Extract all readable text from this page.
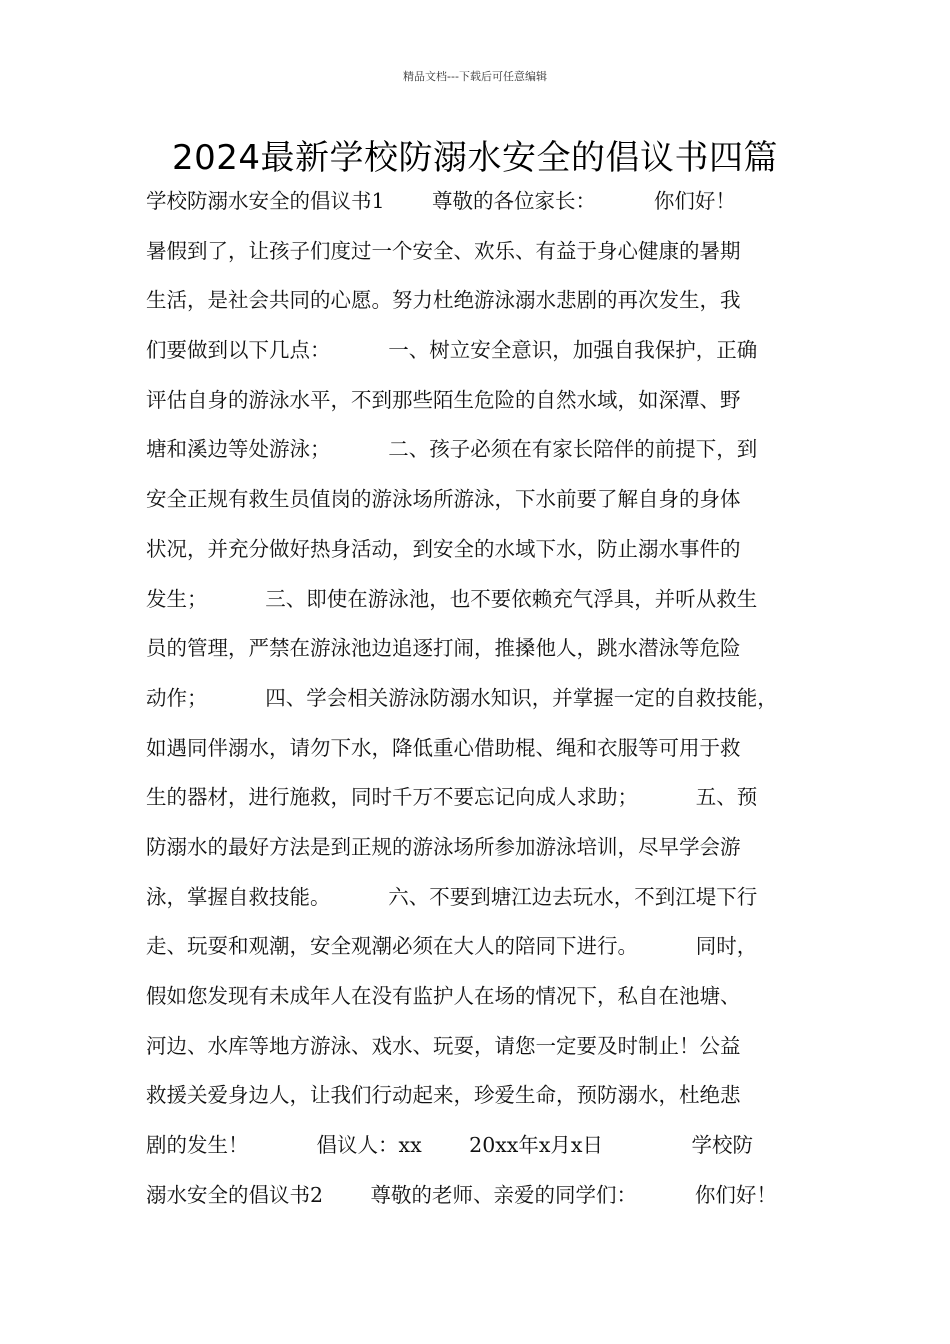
精品文档---下载后可任意编辑
2024最新学校防溺水安全的倡议书四篇
学校防溺水安全的倡议书1　　 尊敬的各位家长：　　　 你们好！
暑假到了，让孩子们度过一个安全、欢乐、有益于身心健康的暑期
生活，是社会共同的心愿。努力杜绝游泳溺水悲剧的再次发生，我
们要做到以下几点：　　　 一、树立安全意识，加强自我保护，正确
评估自身的游泳水平，不到那些陌生危险的自然水域，如深潭、野
塘和溪边等处游泳；　　　 二、孩子必须在有家长陪伴的前提下，到
安全正规有救生员值岗的游泳场所游泳，下水前要了解自身的身体
状况，并充分做好热身活动，到安全的水域下水，防止溺水事件的
发生；　　　 三、即使在游泳池，也不要依赖充气浮具，并听从救生
员的管理，严禁在游泳池边追逐打闹，推搡他人，跳水潜泳等危险
动作；　　　 四、学会相关游泳防溺水知识，并掌握一定的自救技能，
如遇同伴溺水，请勿下水，降低重心借助棍、绳和衣服等可用于救
生的器材，进行施救，同时千万不要忘记向成人求助；　　　 五、预
防溺水的最好方法是到正规的游泳场所参加游泳培训，尽早学会游
泳，掌握自救技能。　　　 六、不要到塘江边去玩水，不到江堤下行
走、玩耍和观潮，安全观潮必须在大人的陪同下进行。　　　 同时，
假如您发现有未成年人在没有监护人在场的情况下，私自在池塘、
河边、水库等地方游泳、戏水、玩耍，请您一定要及时制止！公益
救援关爱身边人，让我们行动起来，珍爱生命，预防溺水，杜绝悲
剧的发生！　　　 倡议人：xx　　 20xx年x月x日　　　　 学校防
溺水安全的倡议书2　　 尊敬的老师、亲爱的同学们：　　　 你们好！
